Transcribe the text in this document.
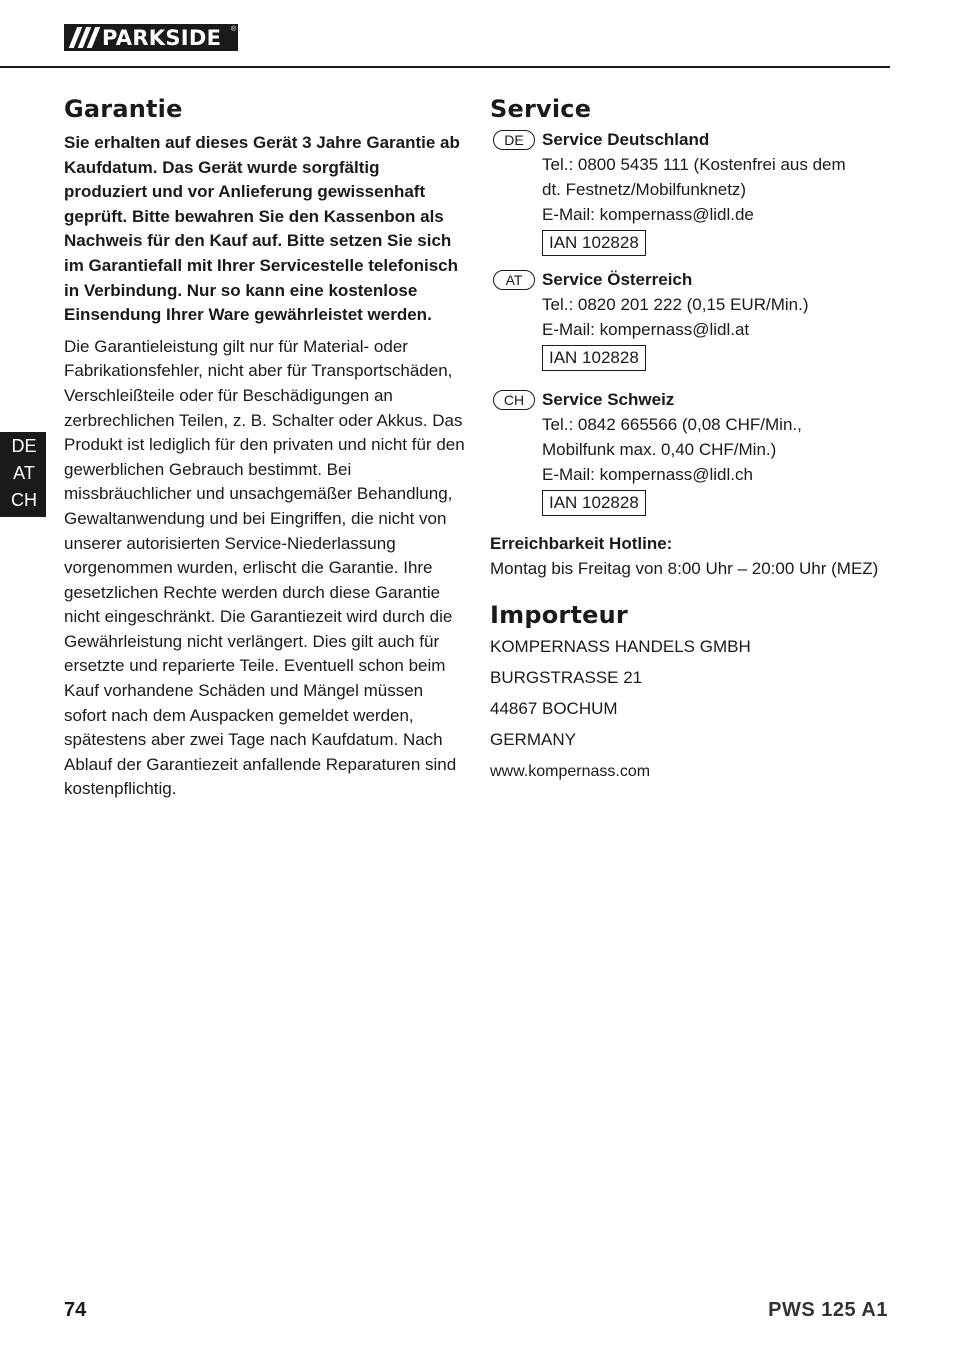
PARKSIDE ®
DE
AT
CH
Garantie

Sie erhalten auf dieses Gerät 3 Jahre Garantie ab Kaufdatum. Das Gerät wurde sorgfältig produziert und vor Anlieferung gewissenhaft geprüft. Bitte bewahren Sie den Kassenbon als Nachweis für den Kauf auf. Bitte setzen Sie sich im Garantiefall mit Ihrer Servicestelle telefonisch in Verbindung. Nur so kann eine kostenlose Einsendung Ihrer Ware gewährleistet werden.

Die Garantieleistung gilt nur für Material- oder Fabrikationsfehler, nicht aber für Transportschäden, Verschleißteile oder für Beschädigungen an zerbrechlichen Teilen, z. B. Schalter oder Akkus. Das Produkt ist lediglich für den privaten und nicht für den gewerblichen Gebrauch bestimmt. Bei missbräuchlicher und unsachgemäßer Behandlung, Gewaltanwendung und bei Eingriffen, die nicht von unserer autorisierten Service-Niederlassung vorgenommen wurden, erlischt die Garantie. Ihre gesetzlichen Rechte werden durch diese Garantie nicht eingeschränkt. Die Garantiezeit wird durch die Gewährleistung nicht verlängert. Dies gilt auch für ersetzte und reparierte Teile. Eventuell schon beim Kauf vorhandene Schäden und Mängel müssen sofort nach dem Auspacken gemeldet werden, spätestens aber zwei Tage nach Kaufdatum. Nach Ablauf der Garantiezeit anfallende Reparaturen sind kostenpflichtig.

Service
DE	Service Deutschland
Tel.: 0800 5435 111 (Kostenfrei aus dem
dt. Festnetz/Mobilfunknetz)
E-Mail: kompernass@lidl.de
IAN 102828
AT	Service Österreich
Tel.: 0820 201 222 (0,15 EUR/Min.)
E-Mail: kompernass@lidl.at
IAN 102828
CH	Service Schweiz
Tel.: 0842 665566 (0,08 CHF/Min.,
Mobilfunk max. 0,40 CHF/Min.)
E-Mail: kompernass@lidl.ch
IAN 102828
Erreichbarkeit Hotline:
Montag bis Freitag von 8:00 Uhr – 20:00 Uhr (MEZ)
Importeur
KOMPERNASS HANDELS GMBH
BURGSTRASSE 21
44867 BOCHUM
GERMANY
www.kompernass.com
74	PWS 125 A1
